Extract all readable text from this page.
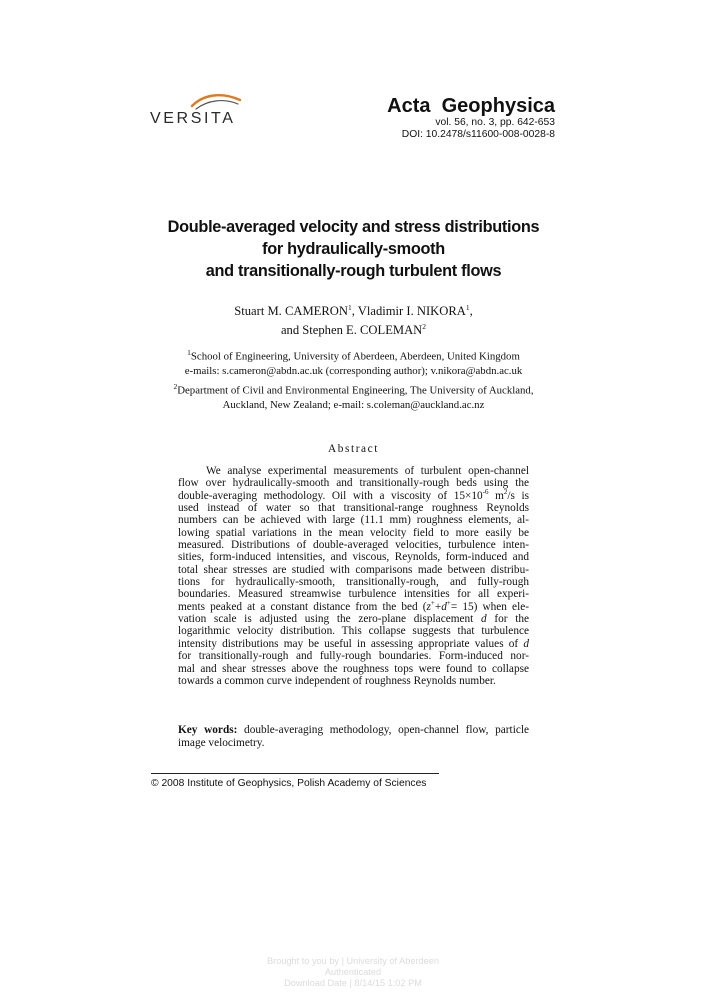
VERSITA
Acta  Geophysica
vol. 56, no. 3, pp. 642-653
DOI: 10.2478/s11600-008-0028-8
Double-averaged velocity and stress distributions
for hydraulically-smooth
and transitionally-rough turbulent flows
Stuart M. CAMERON$^1$, Vladimir I. NIKORA$^1$,
and Stephen E. COLEMAN$^2$
$^1$School of Engineering, University of Aberdeen, Aberdeen, United Kingdom
e-mails: s.cameron@abdn.ac.uk (corresponding author); v.nikora@abdn.ac.uk
$^2$Department of Civil and Environmental Engineering, The University of Auckland,
Auckland, New Zealand; e-mail: s.coleman@auckland.ac.nz
Abstract
We analyse experimental measurements of turbulent open-channel
flow over hydraulically-smooth and transitionally-rough beds using the
double-averaging methodology. Oil with a viscosity of $15\times 10^{-6}$ $m^2/s$ is
used instead of water so that transitional-range roughness Reynolds
numbers can be achieved with large (11.1 mm) roughness elements, al-
lowing spatial variations in the mean velocity field to more easily be
measured. Distributions of double-averaged velocities, turbulence inten-
sities, form-induced intensities, and viscous, Reynolds, form-induced and
total shear stresses are studied with comparisons made between distribu-
tions for hydraulically-smooth, transitionally-rough, and fully-rough
boundaries. Measured streamwise turbulence intensities for all experi-
ments peaked at a constant distance from the bed (z++d+= 15) when ele-
vation scale is adjusted using the zero-plane displacement d for the
logarithmic velocity distribution. This collapse suggests that turbulence
intensity distributions may be useful in assessing appropriate values of d
for transitionally-rough and fully-rough boundaries. Form-induced nor-
mal and shear stresses above the roughness tops were found to collapse
towards a common curve independent of roughness Reynolds number.
Key words: double-averaging methodology, open-channel flow, particle
image velocimetry.
© 2008 Institute of Geophysics, Polish Academy of Sciences
Brought to you by | University of Aberdeen
Authenticated
Download Date | 8/14/15 1:02 PM
